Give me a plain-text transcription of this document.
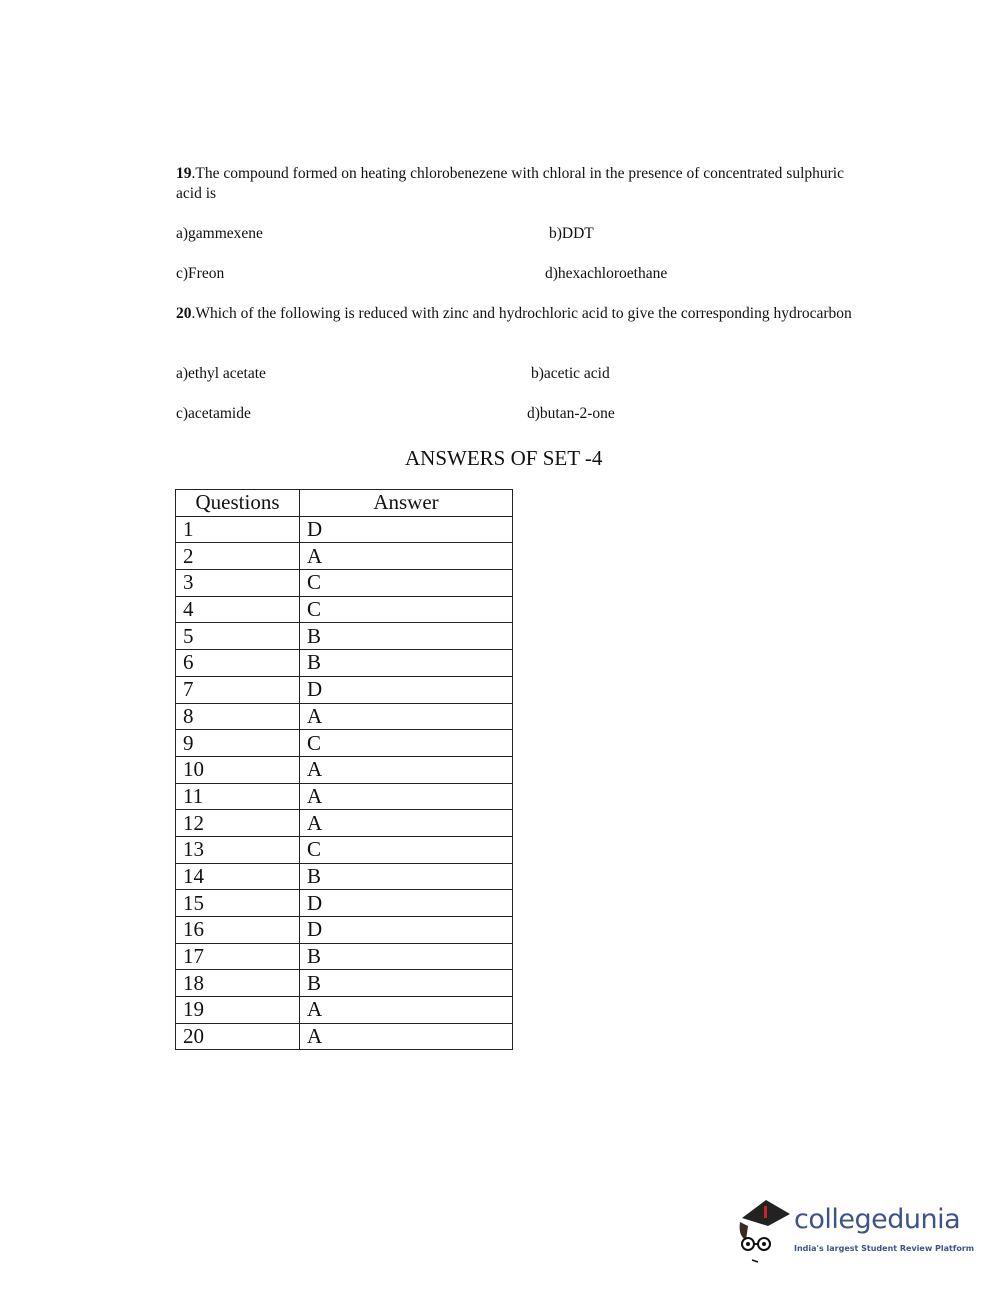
19.The compound formed on heating chlorobenezene with chloral in the presence of concentrated sulphuric acid is
a)gammexene	b)DDT
c)Freon	d)hexachloroethane
20.Which of the following is reduced with zinc and hydrochloric acid to give the corresponding hydrocarbon
a)ethyl acetate	b)acetic acid
c)acetamide	d)butan-2-one
ANSWERS OF SET -4
Questions	Answer
1	D
2	A
3	C
4	C
5	B
6	B
7	D
8	A
9	C
10	A
11	A
12	A
13	C
14	B
15	D
16	D
17	B
18	B
19	A
20	A
collegedunia
India's largest Student Review Platform
